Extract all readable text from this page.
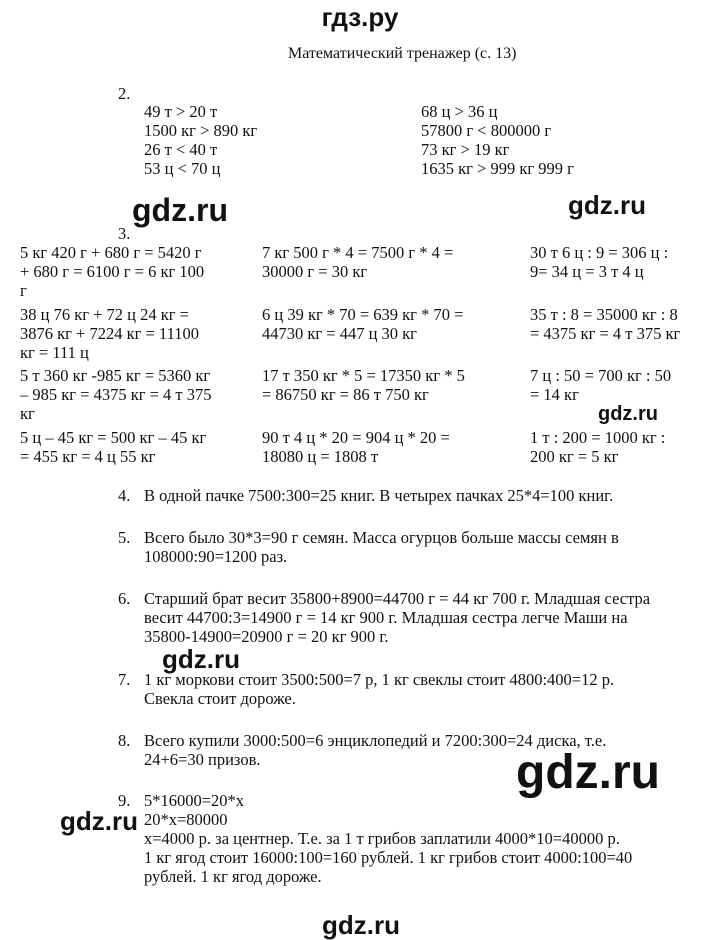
гдз.ру
Математический тренажер (с. 13)
2.
49 т > 20 т
1500 кг > 890 кг
26 т < 40 т
53 ц < 70 ц
68 ц > 36 ц
57800 г < 800000 г
73 кг > 19 кг
1635 кг > 999 кг 999 г
3.
5 кг 420 г + 680 г = 5420 г
+ 680 г = 6100 г = 6 кг 100
г
7 кг 500 г * 4 = 7500 г * 4 =
30000 г = 30 кг
30 т 6 ц : 9 = 306 ц :
9= 34 ц = 3 т 4 ц
38 ц 76 кг + 72 ц 24 кг =
3876 кг + 7224 кг = 11100
кг = 111 ц
6 ц 39 кг * 70 = 639 кг * 70 =
44730 кг = 447 ц 30 кг
35 т : 8 = 35000 кг : 8
= 4375 кг = 4 т 375 кг
5 т 360 кг -985 кг = 5360 кг
– 985 кг = 4375 кг = 4 т 375
кг
17 т 350 кг * 5 = 17350 кг * 5
= 86750 кг = 86 т 750 кг
7 ц : 50 = 700 кг : 50
= 14 кг
5 ц – 45 кг = 500 кг – 45 кг
= 455 кг = 4 ц 55 кг
90 т 4 ц * 20 = 904 ц * 20 =
18080 ц = 1808 т
1 т : 200 = 1000 кг :
200 кг = 5 кг
4. В одной пачке 7500:300=25 книг. В четырех пачках 25*4=100 книг.
5. Всего было 30*3=90 г семян. Масса огурцов больше массы семян в
108000:90=1200 раз.
6. Старший брат весит 35800+8900=44700 г = 44 кг 700 г. Младшая сестра
весит 44700:3=14900 г = 14 кг 900 г. Младшая сестра легче Маши на
35800-14900=20900 г = 20 кг 900 г.
7. 1 кг моркови стоит 3500:500=7 р, 1 кг свеклы стоит 4800:400=12 р.
Свекла стоит дороже.
8. Всего купили 3000:500=6 энциклопедий и 7200:300=24 диска, т.е.
24+6=30 призов.
9. 5*16000=20*х
20*х=80000
х=4000 р. за центнер. Т.е. за 1 т грибов заплатили 4000*10=40000 р.
1 кг ягод стоит 16000:100=160 рублей. 1 кг грибов стоит 4000:100=40
рублей. 1 кг ягод дороже.
gdz.ru	gdz.ru
gdz.ru
gdz.ru
gdz.ru
gdz.ru
gdz.ru
